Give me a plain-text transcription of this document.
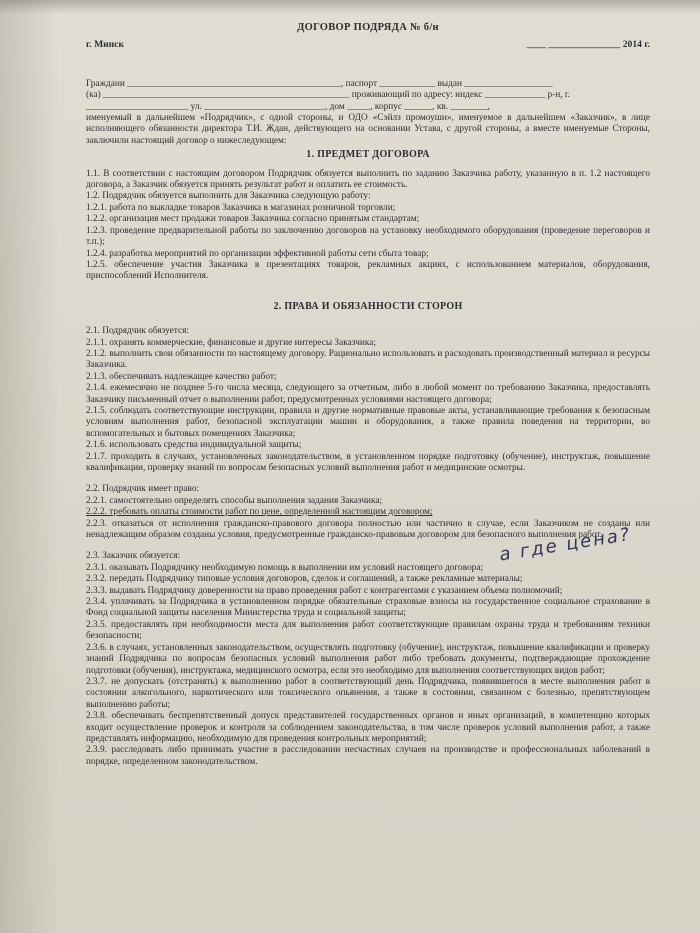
ДОГОВОР ПОДРЯДА № б/н
г. Минск	____ _______________ 2014 г.

Граждани ______________________________________________, паспорт ____________ выдан ___________________

(ка) _____________________________________________________ проживающий по адресу: индекс _____________ р-н, г.

______________________ ул. __________________________, дом _____, корпус ______, кв. ________,

именуемый в дальнейшем «Подрядчик», с одной стороны, и ОДО «Сэйлз промоушн», именуемое в дальнейшем «Заказчик», в лице исполняющего обязанности директора Т.И. Ждан, действующего на основании Устава, с другой стороны, а вместе именуемые Стороны, заключили настоящий договор о нижеследующем:

1. ПРЕДМЕТ ДОГОВОРА

1.1. В соответствии с настоящим договором Подрядчик обязуется выполнить по заданию Заказчика работу, указанную в п. 1.2 настоящего договора, а Заказчик обязуется принять результат работ и оплатить ее стоимость.

1.2. Подрядчик обязуется выполнить для Заказчика следующую работу:

1.2.1. работа по выкладке товаров Заказчика в магазинах розничной торговли;

1.2.2. организация мест продажи товаров Заказчика согласно принятым стандартам;

1.2.3. проведение предварительной работы по заключению договоров на установку необходимого оборудования (проведение переговоров и т.п.);

1.2.4. разработка мероприятий по организации эффективной работы сети сбыта товар;

1.2.5. обеспечение участия Заказчика в презентациях товаров, рекламных акциях, с использованием материалов, оборудования, приспособлений Исполнителя.

2. ПРАВА И ОБЯЗАННОСТИ СТОРОН

2.1. Подрядчик обязуется:

2.1.1. охранять коммерческие, финансовые и другие интересы Заказчика;

2.1.2. выполнить свои обязанности по настоящему договору. Рационально использовать и расходовать производственный материал и ресурсы Заказчика.

2.1.3. обеспечивать надлежащее качество работ;

2.1.4. ежемесячно не позднее 5-го числа месяца, следующего за отчетным, либо в любой момент по требованию Заказчика, предоставлять Заказчику письменный отчет о выполнении работ, предусмотренных условиями настоящего договора;

2.1.5. соблюдать соответствующие инструкции, правила и другие нормативные правовые акты, устанавливающие требования к безопасным условиям выполнения работ, безопасной эксплуатации машин и оборудования, а также правила поведения на территории, во вспомогательных и бытовых помещениях Заказчика;

2.1.6. использовать средства индивидуальной защиты;

2.1.7. проходить в случаях, установленных законодательством, в установленном порядке подготовку (обучение), инструктаж, повышение квалификации, проверку знаний по вопросам безопасных условий выполнения работ и медицинские осмотры.

2.2. Подрядчик имеет право:

2.2.1. самостоятельно определять способы выполнения задания Заказчика;

2.2.2. требовать оплаты стоимости работ по цене, определенной настоящим договором;

2.2.3. отказаться от исполнения гражданско-правового договора полностью или частично в случае, если Заказчиком не созданы или ненадлежащим образом созданы условия, предусмотренные гражданско-правовым договором для безопасного выполнения работ.

2.3. Заказчик обязуется:

2.3.1. оказывать Подрядчику необходимую помощь в выполнении им условий настоящего договора;

2.3.2. передать Подрядчику типовые условия договоров, сделок и соглашений, а также рекламные материалы;

2.3.3. выдавать Подрядчику доверенности на право проведения работ с контрагентами с указанием объема полномочий;

2.3.4. уплачивать за Подрядчика в установленном порядке обязательные страховые взносы на государственное социальное страхование в Фонд социальной защиты населения Министерства труда и социальной защиты;

2.3.5. предоставлять при необходимости места для выполнения работ соответствующие правилам охраны труда и требованиям техники безопасности;

2.3.6. в случаях, установленных законодательством, осуществлять подготовку (обучение), инструктаж, повышение квалификации и проверку знаний Подрядчика по вопросам безопасных условий выполнения работ либо требовать документы, подтверждающие прохождение подготовки (обучения), инструктажа, медицинского осмотра, если это необходимо для выполнения соответствующих видов работ;

2.3.7. не допускать (отстранять) к выполнению работ в соответствующий день Подрядчика, появившегося в месте выполнения работ в состоянии алкогольного, наркотического или токсического опьянения, а также в состоянии, связанном с болезнью, препятствующем выполнению работы;

2.3.8. обеспечивать беспрепятственный допуск представителей государственных органов и иных организаций, в компетенцию которых входит осуществление проверок и контроля за соблюдением законодательства, в том числе проверок условий выполнения работ, а также представлять информацию, необходимую для проведения контрольных мероприятий;

2.3.9. расследовать либо принимать участие в расследовании несчастных случаев на производстве и профессиональных заболеваний в порядке, определенном законодательством.

а где цена?
